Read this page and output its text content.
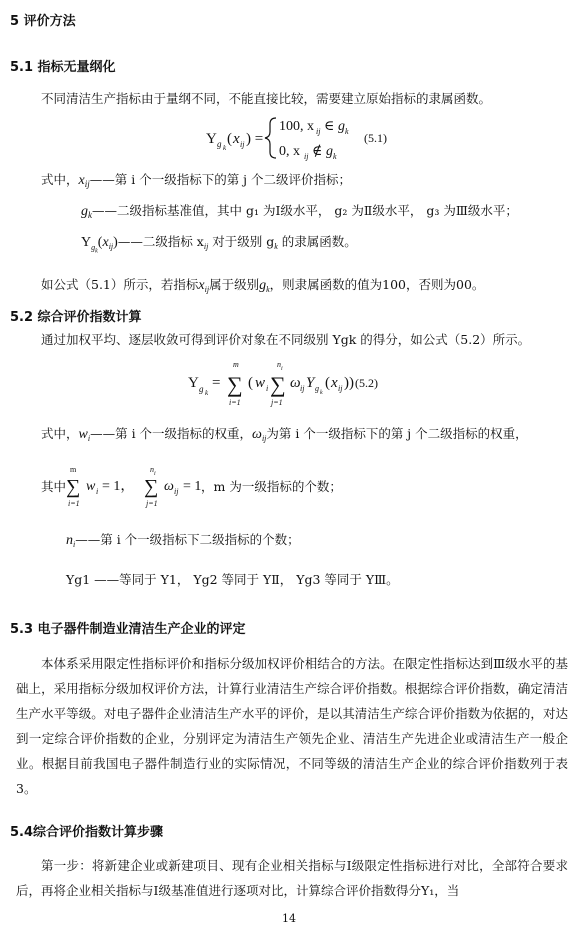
5 评价方法
5.1 指标无量纲化
不同清洁生产指标由于量纲不同，不能直接比较，需要建立原始指标的隶属函数。
Y g k
( x ij ) =
100, x ij ∈ g k
0, x ij ∉ g k
(5.1)
式中，$x_{ij}——$第 i 个一级指标下的第 j 个二级评价指标；
$g_k——$二级指标基准值，其中 g₁ 为Ⅰ级水平， g₂ 为Ⅱ级水平， g₃ 为Ⅲ级水平；
$Y_{g_k}(x_{ij})——$二级指标 $x_{ij}$ 对于级别 $g_k$ 的隶属函数。
如公式（5.1）所示，若指标$x_{ij}$属于级别$g_k$，则隶属函数的值为100，否则为00。
5.2 综合评价指数计算
通过加权平均、逐层收敛可得到评价对象在不同级别 Ygk 的得分，如公式（5.2）所示。
Y g k
=
m
∑
i=1
( w i
n i
∑
j=1
ω ij Y g k
( x ij )) (5.2)
式中，$w_i——$第 i 个一级指标的权重，$\omega_{ij}$为第 i 个一级指标下的第 j 个二级指标的权重，
其中
m
∑
i=1
w i = 1，
n i
∑
j=1
ω ij = 1 ，m 为一级指标的个数；
$n_i——$第 i 个一级指标下二级指标的个数；
Yg1 ——等同于 Y1， Yg2 等同于 YⅡ， Yg3 等同于 YⅢ。
5.3 电子器件制造业清洁生产企业的评定
本体系采用限定性指标评价和指标分级加权评价相结合的方法。在限定性指标达到Ⅲ级水平的基础上，采用指标分级加权评价方法，计算行业清洁生产综合评价指数。根据综合评价指数，确定清洁生产水平等级。对电子器件企业清洁生产水平的评价，是以其清洁生产综合评价指数为依据的，对达到一定综合评价指数的企业，分别评定为清洁生产领先企业、清洁生产先进企业或清洁生产一般企业。根据目前我国电子器件制造行业的实际情况，不同等级的清洁生产企业的综合评价指数列于表 3。
5.4综合评价指数计算步骤
第一步：将新建企业或新建项目、现有企业相关指标与Ⅰ级限定性指标进行对比，全部符合要求后，再将企业相关指标与Ⅰ级基准值进行逐项对比，计算综合评价指数得分Y₁，当
14
